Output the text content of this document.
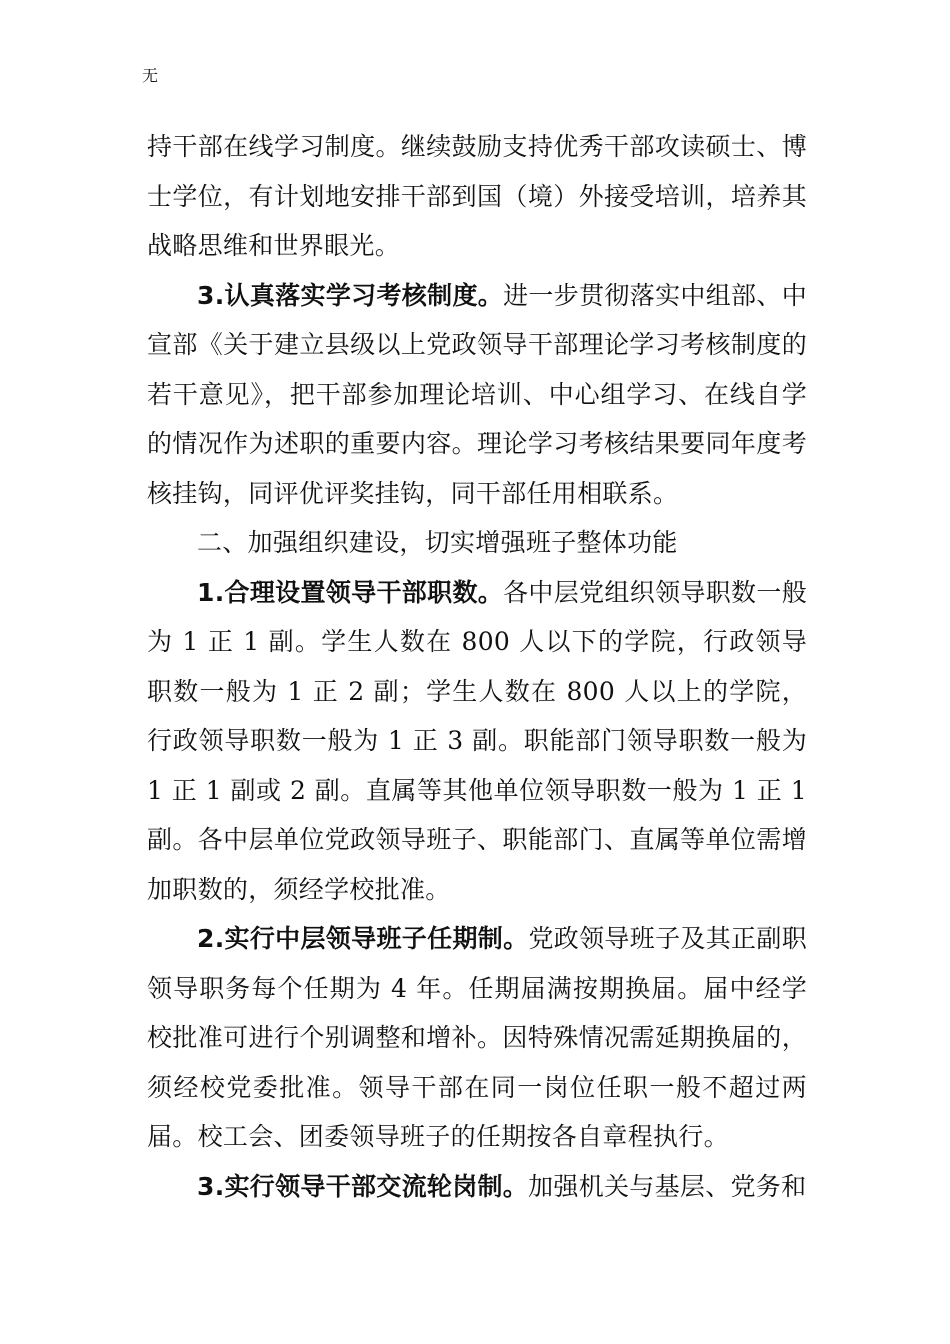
无

持干部在线学习制度。继续鼓励支持优秀干部攻读硕士、博士学位，有计划地安排干部到国（境）外接受培训，培养其战略思维和世界眼光。

3.认真落实学习考核制度。进一步贯彻落实中组部、中宣部《关于建立县级以上党政领导干部理论学习考核制度的若干意见》，把干部参加理论培训、中心组学习、在线自学的情况作为述职的重要内容。理论学习考核结果要同年度考核挂钩，同评优评奖挂钩，同干部任用相联系。

二、加强组织建设，切实增强班子整体功能

1.合理设置领导干部职数。各中层党组织领导职数一般为 1 正 1 副。学生人数在 800 人以下的学院，行政领导职数一般为 1 正 2 副；学生人数在 800 人以上的学院，行政领导职数一般为 1 正 3 副。职能部门领导职数一般为 1 正 1 副或 2 副。直属等其他单位领导职数一般为 1 正 1 副。各中层单位党政领导班子、职能部门、直属等单位需增加职数的，须经学校批准。

2.实行中层领导班子任期制。党政领导班子及其正副职领导职务每个任期为 4 年。任期届满按期换届。届中经学校批准可进行个别调整和增补。因特殊情况需延期换届的，须经校党委批准。领导干部在同一岗位任职一般不超过两届。校工会、团委领导班子的任期按各自章程执行。

3.实行领导干部交流轮岗制。加强机关与基层、党务和
